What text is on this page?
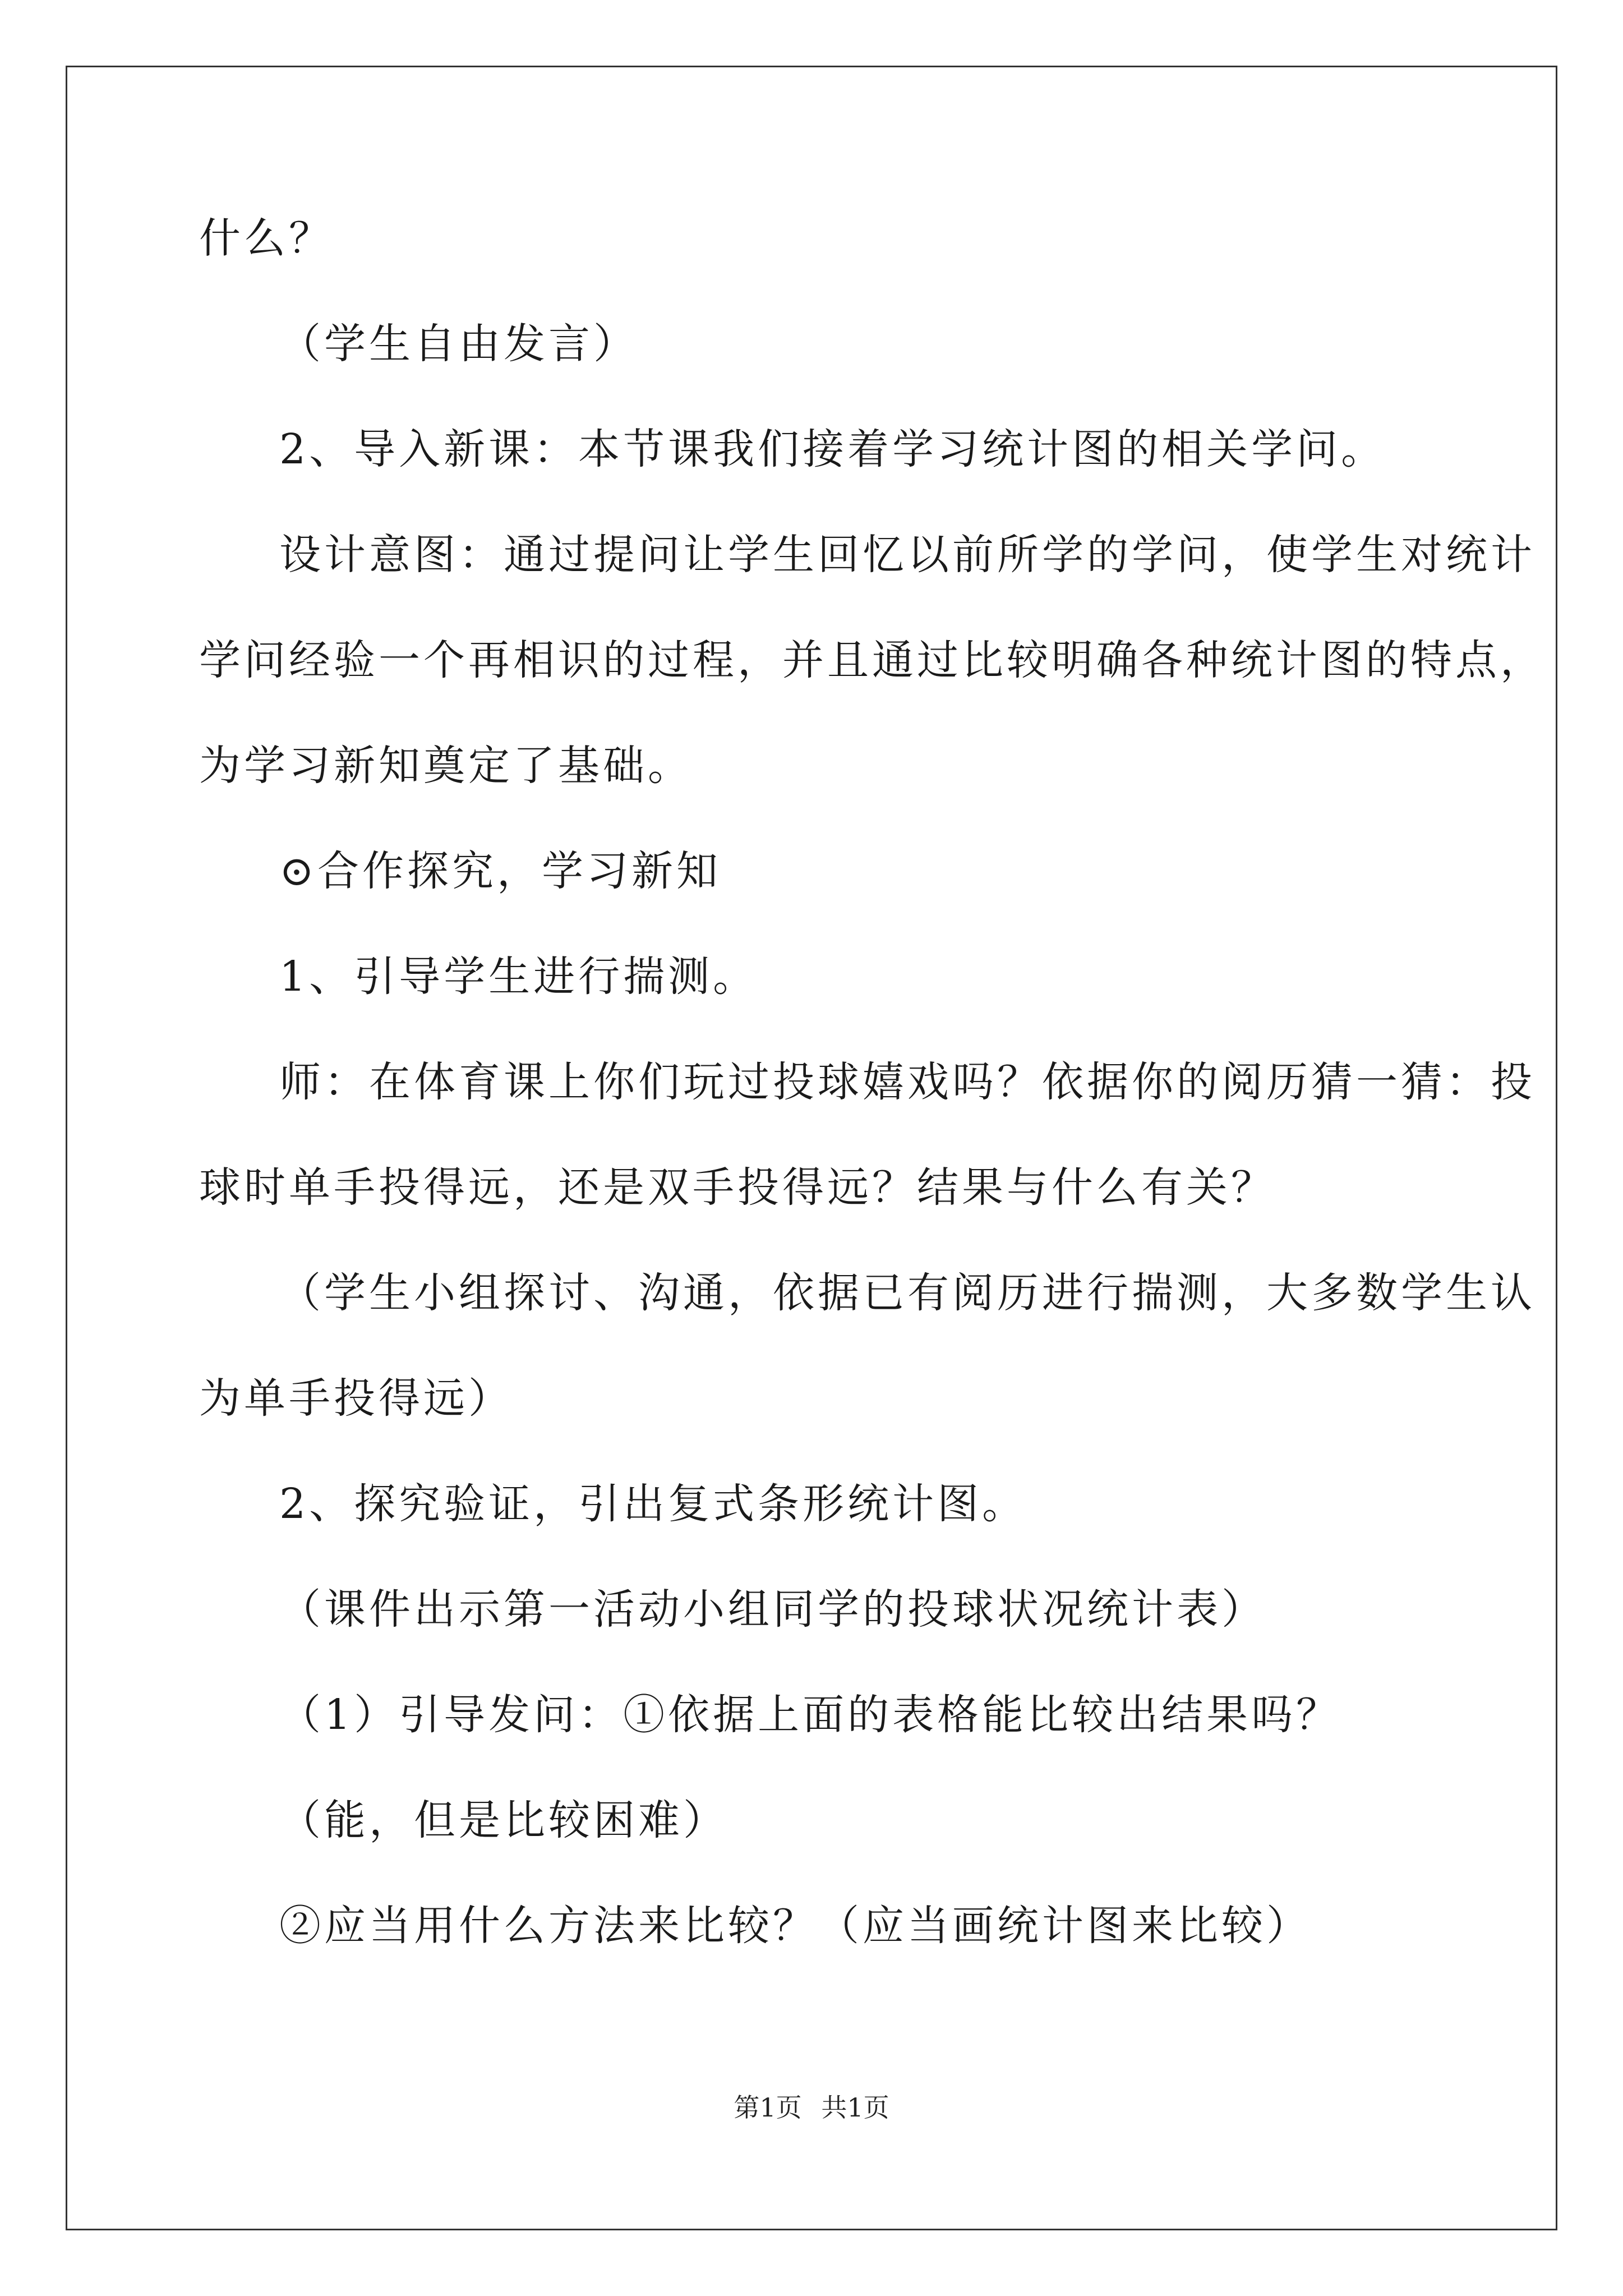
什么？
（学生自由发言）
2、导入新课：本节课我们接着学习统计图的相关学问。
设计意图：通过提问让学生回忆以前所学的学问，使学生对统计
学问经验一个再相识的过程，并且通过比较明确各种统计图的特点，
为学习新知奠定了基础。
⊙合作探究，学习新知
1、引导学生进行揣测。
师：在体育课上你们玩过投球嬉戏吗？依据你的阅历猜一猜：投
球时单手投得远，还是双手投得远？结果与什么有关？
（学生小组探讨、沟通，依据已有阅历进行揣测，大多数学生认
为单手投得远）
2、探究验证，引出复式条形统计图。
（课件出示第一活动小组同学的投球状况统计表）
（1）引导发问：①依据上面的表格能比较出结果吗？
（能，但是比较困难）
②应当用什么方法来比较？（应当画统计图来比较）
第1页 共1页
